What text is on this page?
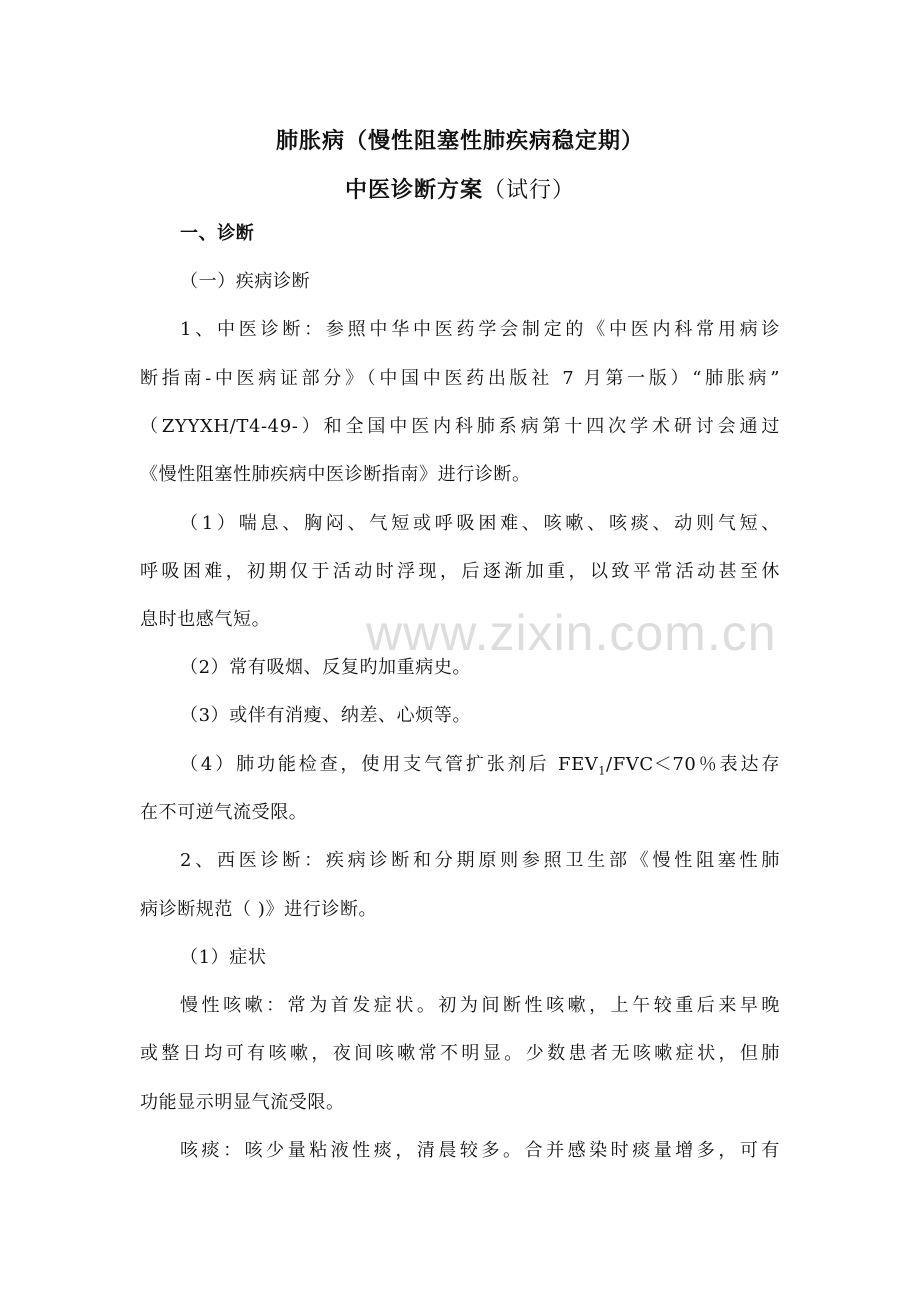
肺胀病（慢性阻塞性肺疾病稳定期）
中医诊断方案（试行）
一、诊断
（一）疾病诊断
1、中医诊断：参照中华中医药学会制定的《中医内科常用病诊
断指南-中医病证部分》（中国中医药出版社 7 月第一版）“肺胀病”
（ZYYXH/T4-49-）和全国中医内科肺系病第十四次学术研讨会通过
《慢性阻塞性肺疾病中医诊断指南》进行诊断。
（1）喘息、胸闷、气短或呼吸困难、咳嗽、咳痰、动则气短、
呼吸困难，初期仅于活动时浮现，后逐渐加重，以致平常活动甚至休
息时也感气短。	www.zixin.com.cn
（2）常有吸烟、反复旳加重病史。
（3）或伴有消瘦、纳差、心烦等。
（4）肺功能检查，使用支气管扩张剂后 $FEV_1/FVC<70$％表达存
在不可逆气流受限。
2、西医诊断：疾病诊断和分期原则参照卫生部《慢性阻塞性肺
病诊断规范（ )》进行诊断。
（1）症状
慢性咳嗽：常为首发症状。初为间断性咳嗽，上午较重后来早晚
或整日均可有咳嗽，夜间咳嗽常不明显。少数患者无咳嗽症状，但肺
功能显示明显气流受限。
咳痰：咳少量粘液性痰，清晨较多。合并感染时痰量增多，可有
